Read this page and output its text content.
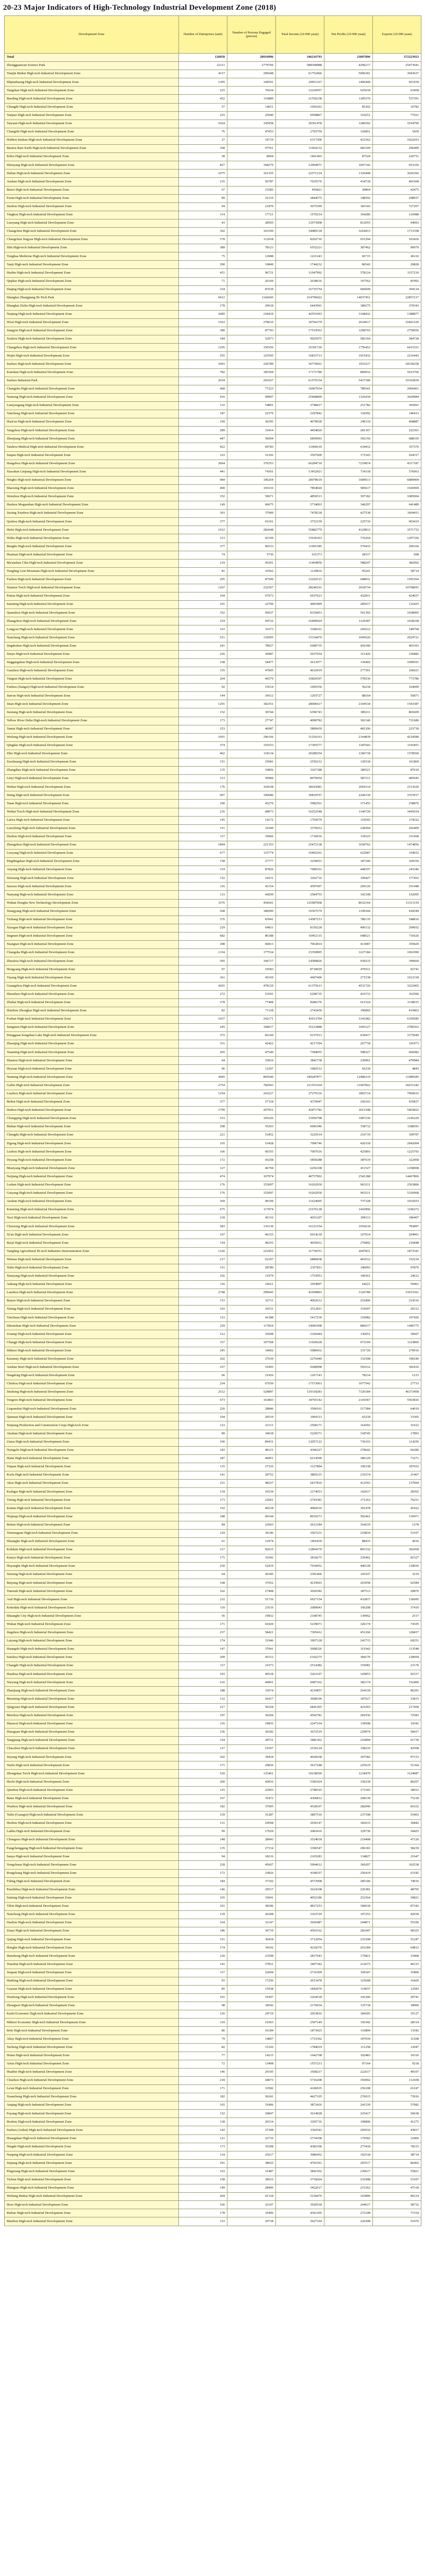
20-23 Major Indicators of High-Technology Industrial Development Zone (2018)
Development Zone	Number of Enterprises (unit)	Number of Persons Engaged (person)	Total Income (10 000 yuan)	Net Profits (10 000 yuan)	Exports (10 000 yuan)
Total	126058	20910996	346216793	23897896	372223923
Zhongguancun Science Park	22111	2779766	588368988	4296217	25473641
Tianjin Binhai High-tech Industrial Development Zone	4317	296648	61752466	5006301	3943637
Shijiazhuang High-tech Industrial Development Zone	1395	149591	29051167	1406449	921939
Tangshan High-tech Industrial Development Zone	225	76634	12226957	625018	63458
Baoding High-tech Industrial Development Zone	452	116889	21556238	1185376	537391
Chengde High-tech Industrial Development Zone	57	14031	1056363	85302	16782
Yanjiao High-tech Industrial Development Zone	225	25040	6958867	310251	77021
Taiyuan High-tech Industrial Development Zone	1024	145958	20361478	1286502	1034790
Changzhi High-tech Industrial Development Zone	76	47053	2793759	126851	5439
Hohhot Jinshan High-tech Industrial Development Zone	27	19719	6317300	421562	1022653
Baotou Rare Earth High-tech Industrial Development Zone	358	97561	11964132	683109	296499
Erdos High-tech Industrial Development Zone	38	8964	1461465	87524	220751
Shenyang High-tech Industrial Development Zone	827	168270	12904971	1067142	953326
Dalian High-tech Industrial Development Zone	1075	161355	22571214	1326408	3026392
Anshan High-tech Industrial Development Zone	235	56787	7035576	434718	401668
Benxi High-tech Industrial Development Zone	67	15585	456821	30864	42475
Fuxin High-tech Industrial Development Zone	89	22119	2844575	148502	298937
Jinzhou High-tech Industrial Development Zone	94	21870	3075399	181543	727207
Yingkou High-tech Industrial Development Zone	114	17721	1570214	104286	116988
Liaoyang High-tech Industrial Development Zone	43	28505	12973008	812055	94993
Changchun High-tech Industrial Development Zone	302	163199	54489118	3264413	1713358
Changchun Jingyue High-tech Industrial Development Zone	578	112918	8202716	651294	103436
Jilin High-tech Industrial Development Zone	389	78123	6552221	387462	90979
Tonghua Medicine High-tech Industrial Development Zone	75	12088	1221243	66715	46116
Yanji High-tech Industrial Development Zone	290	19849	1744232	86542	29828
Harbin High-tech Industrial Development Zone	451	96721	11047992	578124	1157210
Qiqihar High-tech Industrial Development Zone	71	26160	2638616	107562	81992
Daqing High-tech Industrial Development Zone	334	87639	16735754	684509	304134
Shanghai Zhangjiang Hi-Tech Park	6012	1142645	214790422	14037451	22857217
Shanghai Zizhu High-tech Industrial Development Zone	178	29618	6443961	389275	379343
Nanjing High-tech Industrial Development Zone	2685	218419	42551093	3168432	1388877
Wuxi High-tech Industrial Development Zone	1563	278610	39766379	2634617	16461529
Jiangyin High-tech Industrial Development Zone	380	87793	17519563	1268703	2750056
Xuzhou High-tech Industrial Development Zone	184	52973	9925975	582164	384728
Changzhou High-tech Industrial Development Zone	1295	150356	25361720	1756453	6415331
Wujin High-tech Industrial Development Zone	555	125505	16815713	1015432	2216443
Suzhou High-tech Industrial Development Zone	1093	226789	36776061	1933217	18336258
Kunshan High-tech Industrial Development Zone	782	185304	17171780	860932	5633766
Suzhou Industrial Park	2634	291027	61570154	5437186	19102839
Changshu High-tech Industrial Development Zone	468	77223	16067034	789341	2066461
Nantong High-tech Industrial Development Zone	416	99997	25468899	1326418	3029984
Lianyungang High-tech Industrial Development Zone	132	54891	3748417	251782	365061
Yancheng High-tech Industrial Development Zone	187	22379	2297842	118392	146413
Huai'an High-tech Industrial Development Zone	169	36395	4078928	240119	468887
Yangzhou High-tech Industrial Development Zone	289	33414	4454020	281367	222361
Zhenjiang High-tech Industrial Development Zone	447	56094	6859993	392156	688359
Taizhou Medical High-tech Industrial Development Zone	422	69783	11006610	634412	357376
Suqian High-tech Industrial Development Zone	163	31292	3507600	171543	264317
Hangzhou High-tech Industrial Development Zone	2064	376353	66284710	7219874	4317187
Xiaoshan Linjiang High-tech Industrial Development Zone	441	74361	13452921	734118	576063
Ningbo High-tech Industrial Development Zone	984	106264	20078619	1684513	6089404
Shaoxing High-tech Industrial Development Zone	400	101616	7854020	585617	1926969
Wenzhou High-tech Industrial Development Zone	352	59671	4850513	307182	1085904
Huzhou Moganshan High-tech Industrial Development Zone	149	60675	5734003	346297	641489
Jiaxing Xiuzhou High-tech Industrial Development Zone	303	37900	7478218	427538	1604411
Quzhou High-tech Industrial Development Zone	377	65101	3752159	225710	903419
Hefei High-tech Industrial Development Zone	1012	282648	55882779	4129812	3571752
Wuhu High-tech Industrial Development Zone	313	92109	15036363	735264	1297356
Bengbu High-tech Industrial Development Zone	377	96533	11901585	579433	200166
Huainan High-tech Industrial Development Zone	74	5736	631373	28317	608
Ma'anshan Cihu High-tech Industrial Development Zone	219	45291	11404850	588247	382002
Tongling Lion Mountain High-tech Industrial Development Zone	81	16562	1129816	95241	58714
Fuzhou High-tech Industrial Development Zone	295	87500	12202515	648931	1591564
Xiamen Torch High-tech Industrial Development Zone	1267	232367	28240161	2018734	10768691
Putian High-tech Industrial Development Zone	104	67973	6037623	432811	424037
Sanming High-tech Industrial Development Zone	101	22700	4465499	285017	132425
Quanzhou High-tech Industrial Development Zone	352	95037	8159453	561392	1038905
Zhangzhou High-tech Industrial Development Zone	254	94722	16499924	1129387	1638328
Longyan High-tech Industrial Development Zone	163	31673	3368161	245612	149768
Nanchang High-tech Industrial Development Zone	521	135095	15318479	1045620	2024721
Jingdezhen High-tech Industrial Development Zone	241	78027	6680735	456180	465393
Xinyu High-tech Industrial Development Zone	226	36987	5037654	311429	336882
Jinggangshan High-tech Industrial Development Zone	168	18477	2613977	136402	1099591
Ganzhou High-tech Industrial Development Zone	155	47005	4632919	277391	166021
Yingtan High-tech Industrial Development Zone	204	46579	10826597	578336	773786
Fuzhou (Jiangxi) High-tech Industrial Development Zone	92	15614	1005556	56218	164609
Jian'an High-tech Industrial Development Zone	144	16612	1293727	88164	56871
Jinan High-tech Industrial Development Zone	1291	182351	28006617	2104518	1543387
Jiaxiang High-tech Industrial Development Zone	152	30744	6396743	389211	865609
Yellow River Delta High-tech Industrial Development Zone	173	27747	4090782	302146	721686
Yantai High-tech Industrial Development Zone	253	46087	5800439	481206	223718
Weifang High-tech Industrial Development Zone	1091	296166	31256163	2164839	4234580
Qingdao High-tech Industrial Development Zone	374	155553	17305577	1187643	1191851
Zibo High-tech Industrial Development Zone	462	118134	20289254	1366718	1578560
Zaozhuang High-tech Industrial Development Zone	151	25081	2556212	129318	161869
Zhangdian High-tech Industrial Development Zone	135	19856	3267188	186521	87019
Linyi High-tech Industrial Development Zone	313	50984	8970054	587211	685045
Weihai High-tech Industrial Development Zone	176	102638	38293081	2604114	2313620
Jining High-tech Industrial Development Zone	607	196686	30810557	2246318	3353917
Taian High-tech Industrial Development Zone	190	45270	5982561	371455	258876
Weihai Torch High-tech Industrial Development Zone	216	68073	16252548	1146720	3445634
Laiwu High-tech Industrial Development Zone	145	14172	1765670	110543	174522
Liaocheng High-tech Industrial Development Zone	151	31649	3376012	228304	202409
Dezhou High-tech Industrial Development Zone	117	19966	1710016	118325	211668
Zhengzhou High-tech Industrial Development Zone	1894	221353	25472138	1630762	1474856
Luoyang High-tech Industrial Development Zone	677	115774	10402261	622087	334652
Pingdingshan High-tech Industrial Development Zone	158	27777	3250051	187340	169356
Anyang High-tech Industrial Development Zone	319	87826	7680161	448197	243346
Xinxiang High-tech Industrial Development Zone	152	24331	3202716	190427	177452
Jiaozuo High-tech Industrial Development Zone	116	43154	4597697	269126	251448
Nanyang High-tech Industrial Development Zone	133	44299	2584755	142108	152095
Wuhan Donghu New Technology Development Zone	3376	456641	125987068	8632164	11313119
Xiangyang High-tech Industrial Development Zone	568	186090	19367579	1109344	418349
Yichang High-tech Industrial Development Zone	376	83941	14587213	786135	548816
Xiaogan High-tech Industrial Development Zone	229	64811	8156228	406132	209052
Jingmen High-tech Industrial Development Zone	682	86188	10452115	648521	716626
Xiangtan High-tech Industrial Development Zone	308	66813	7063814	413087	359429
Changsha High-tech Industrial Development Zone	1334	177534	15350895	1227184	1061090
Zhuzhou High-tech Industrial Development Zone	505	106717	14589826	939215	399669
Hengyang High-tech Industrial Development Zone	97	19583	8718029	470511	92741
Yiyang High-tech Industrial Development Zone	361	45169	4407406	271538	1012318
Guangzhou High-tech Industrial Development Zone	4201	478129	61375613	4531726	3222465
Shenzhen High-tech Industrial Development Zone	272	53591	6290735	416733	162506
Zhuhai High-tech Industrial Development Zone	378	77408	8286376	611524	1138015
Huizhou Zhongkai High-tech Industrial Development Zone	82	71118	2743430	196802	419463
Foshan High-tech Industrial Development Zone	1037	242171	43913704	3141982	6359585
Jiangmen High-tech Industrial Development Zone	245	168617	25212888	1605127	2789363
Dongguan Songshan Lake High-tech Industrial Development Zone	372	82160	9157013	639417	3175049
Zhaoqing High-tech Industrial Development Zone	331	42422	4217394	267718	101973
Yuanning High-tech Industrial Development Zone	265	47540	7384055	508327	666082
Shantou High-tech Industrial Development Zone	64	25819	3841738	230961	470984
Heyuan High-tech Industrial Development Zone	96	12207	1082512	65218	4843
Nanning High-tech Industrial Development Zone	4445	805640	189287877	12486219	11089585
Guilin High-tech Industrial Development Zone	2754	782943	211553164	11607822	18251242
Liuzhou High-tech Industrial Development Zone	1254	243227	27279116	1893714	7969633
Beihai High-tech Industrial Development Zone	377	57118	4379947	256103	435837
Haikou High-tech Industrial Development Zone	1799	207951	42871782	2611548	5465822
Chongqing High-tech Industrial Development Zone	533	105226	15956798	1087236	2145229
Bishan High-tech Industrial Development Zone	298	55203	6081946	358732	1188591
Chengdu High-tech Industrial Development Zone	221	53452	3225614	216719	109707
Zigong High-tech Industrial Development Zone	165	53428	7006746	426318	2042004
Luzhou High-tech Industrial Development Zone	166	60355	7007616	425893	1225793
Deyang High-tech Industrial Development Zone	172	43258	5850288	387619	322458
Mianyang High-tech Industrial Development Zone	127	46794	6256108	411527	1258008
Neijiang High-tech Industrial Development Zone	474	107974	40757902	2541288	14467866
Leshan High-tech Industrial Development Zone	176	153097	16262930	963211	2563806
Guiyang High-tech Industrial Development Zone	176	152097	16262930	963211	5326968
Anshun High-tech Industrial Development Zone	369	90109	11624005	737328	1032653
Kunming High-tech Industrial Development Zone	675	117974	21676128	1443906	1106272
Yuxi High-tech Industrial Development Zone	218	45316	4651207	308113	186407
Chuxiong High-tech Industrial Development Zone	583	135130	16121254	1054218	783897
Xi'an High-tech Industrial Development Zone	107	46155	6014218	327014	204961
Baoji High-tech Industrial Development Zone	154	40255	4659412	276842	216848
Yangling Agricultural Hi-tech Industries Demonstration Zone	1226	223452	31736551	2047831	1873341
Weinan High-tech Industrial Development Zone	217	62107	6886838	403512	152234
Yulin High-tech Industrial Development Zone	151	28780	2357811	146093	97876
Xianyang High-tech Industrial Development Zone	102	11979	1753953	100361	24612
Ankang High-tech Industrial Development Zone	116	10621	1054907	64221	59461
Lanzhou High-tech Industrial Development Zone	2748	299645	43509803	3126780	15015361
Baiyin High-tech Industrial Development Zone	153	32711	4062612	251806	214316
Xining High-tech Industrial Development Zone	103	16531	2512811	154307	20212
Yinchuan High-tech Industrial Development Zone	123	41288	5417236	316082	107426
Shizuishan High-tech Industrial Development Zone	229	117834	14681908	884317	1496775
Urumqi High-tech Industrial Development Zone	212	16608	2166444	136051	39607
Changji High-tech Industrial Development Zone	337	107568	11026628	672104	1123806
Shihezi High-tech Industrial Development Zone	245	34602	5080432	331726	270016
Karamay High-tech Industrial Development Zone	202	27630	2276440	152308	190240
Anshan Steel High-tech Industrial Development Zone	257	51005	9280098	591612	381816
Ningdong High-tech Industrial Development Zone	66	21926	1267143	78214	1215
Chizhou High-tech Industrial Development Zone	234	67030	17573063	1077542	27733
Jinzhong High-tech Industrial Development Zone	2512	529897	119318283	7326184	46373458
Tongren High-tech Industrial Development Zone	673	163803	34765142	2141067	5563816
Liupanshui High-tech Industrial Development Zone	226	28846	3500161	217384	64019
Qiannan High-tech Industrial Development Zone	104	20519	1004113	65218	33305
Xinjiang Production and Construction Corps High-tech Zone	123	22111	2568171	164302	31622
Alashan High-tech Industrial Development Zone	89	34618	5220371	318745	17893
Lhasa High-tech Industrial Development Zone	190	89431	12057122	736103	114256
Nyingchi High-tech Industrial Development Zone	183	40121	4366227	278642	66286
Hami High-tech Industrial Development Zone	187	46851	6214590	386129	73271
Turpan High-tech Industrial Development Zone	135	27316	3127804	196338	187652
Korla High-tech Industrial Development Zone	141	29752	3805215	231674	21467
Aksu High-tech Industrial Development Zone	231	48237	6417810	412593	137004
Kashgar High-tech Industrial Development Zone	134	16534	2174653	142617	28302
Yining High-tech Industrial Development Zone	173	22061	2743381	171263	76231
Kuitun High-tech Industrial Development Zone	152	40218	4982016	301478	41922
Wujiaqu High-tech Industrial Development Zone	188	60144	8019273	502461	139471
Beitun High-tech Industrial Development Zone	84	22603	2612184	164219	1278
Tiemenguan High-tech Industrial Development Zone	129	30146	3567231	219834	53107
Shuanghe High-tech Industrial Development Zone	61	12974	1401839	88415	4016
Kokdala High-tech Industrial Development Zone	317	92615	12804379	801532	392458
Kunyu High-tech Industrial Development Zone	175	31042	3818275	236491	81527
Huyanghe High-tech Industrial Development Zone	250	52419	7018452	440128	118036
Xinxing High-tech Industrial Development Zone	64	20185	2301466	141937	3219
Baiyang High-tech Industrial Development Zone	168	37652	4219603	263058	62584
Tumxuk High-tech Industrial Development Zone	162	27408	3026582	187513	29876
Aral High-tech Industrial Development Zone	232	51716	6927154	432817	136095
Kekedala High-tech Industrial Development Zone	110	23516	2689043	166208	37410
Shuanghe City High-tech Industrial Development Zone	56	19832	2108745	130962	2517
Wuhan High-tech Industrial Development Zone	171	41820	5239071	326174	74105
Jingzhou High-tech Industrial Development Zone	237	58421	7305412	451266	128437
Laiyang High-tech Industrial Development Zone	174	31946	3907128	243715	69251
Huangshi High-tech Industrial Development Zone	147	37041	5008326	311942	113548
Suizhou High-tech Industrial Development Zone	209	45312	6102275	384176	128604
Changde High-tech Industrial Development Zone	117	21673	2514382	155081	23176
Huaihua High-tech Industrial Development Zone	193	40518	5263197	329853	92317
Yueyang High-tech Industrial Development Zone	216	44901	6087162	382174	152406
Zhanjiang High-tech Industrial Development Zone	188	33674	4210857	264318	86291
Maoming High-tech Industrial Development Zone	132	26417	3008196	187627	33815
Qingyuan High-tech Industrial Development Zone	217	50328	6841205	421093	217458
Meizhou High-tech Industrial Development Zone	197	36294	4502781	281936	72583
Shanwei High-tech Industrial Development Zone	116	19835	2247164	139508	19342
Shaoguan High-tech Industrial Development Zone	156	30182	3672519	229074	58417
Yangjiang High-tech Industrial Development Zone	154	28731	3481362	216894	61730
Chaozhou High-tech Industrial Development Zone	127	21057	2536124	158216	42508
Jieyang High-tech Industrial Development Zone	202	39418	4926038	307582	97153
Yunfu High-tech Industrial Development Zone	171	29836	3617248	225619	51364
Zhongshan Torch High-tech Industrial Development Zone	520	135461	19238560	1218470	3124087
Hechi High-tech Industrial Development Zone	200	42816	5381024	336218	86207
Qinzhou High-tech Industrial Development Zone	125	22903	2748165	171543	38412
Baise High-tech Industrial Development Zone	167	35472	4306812	268139	75218
Wuzhou High-tech Industrial Development Zone	182	37605	4528107	282046	81632
Yulin (Guangxi) High-tech Industrial Development Zone	159	31287	3807516	237198	55403
Hezhou High-tech Industrial Development Zone	131	24508	2930147	182615	36842
Laibin High-tech Industrial Development Zone	99	17629	2083416	129736	18425
Chongzuo High-tech Industrial Development Zone	148	28943	3524018	219408	47126
Fangchenggang High-tech Industrial Development Zone	135	27314	3306547	206183	58239
Sanya High-tech Industrial Development Zone	94	18216	2165283	134827	21647
Yongchuan High-tech Industrial Development Zone	228	45607	5904612	369207	102538
Rongchang High-tech Industrial Development Zone	172	33826	4108357	256419	63182
Fuling High-tech Industrial Development Zone	184	37102	4572908	285106	74016
Panzhihua High-tech Industrial Development Zone	146	29517	3624108	226381	48705
Suining High-tech Industrial Development Zone	165	33041	4052186	252364	59821
Yibin High-tech Industrial Development Zone	191	38306	4817253	300618	87342
Nanchong High-tech Industrial Development Zone	139	26208	3163729	197253	42918
Dazhou High-tech Industrial Development Zone	164	32147	3926487	244871	55106
Zunyi High-tech Industrial Development Zone	186	36719	4503162	281047	68325
Qujing High-tech Industrial Development Zone	151	30418	3712054	231508	51247
Honghe High-tech Industrial Development Zone	174	34102	4218376	263184	64812
Hanzhong High-tech Industrial Development Zone	120	23508	2817643	175821	33468
Tianshui High-tech Industrial Development Zone	141	27831	3407182	212673	46315
Jiuquan High-tech Industrial Development Zone	117	22604	2716309	169347	31806
Haidong High-tech Industrial Development Zone	93	17256	2013478	125608	16429
Guyuan High-tech Industrial Development Zone	85	15938	1842076	114937	12583
Wuzhong High-tech Industrial Development Zone	101	19307	2264518	141206	20741
Zhongwei High-tech Industrial Development Zone	98	18542	2176034	135718	18906
Kashi Economic High-tech Industrial Development Zone	126	24719	2953816	184305	35127
Shihezi Economic High-tech Industrial Development Zone	110	21063	2507149	156342	28314
Bole High-tech Industrial Development Zone	86	16184	1873025	116894	13542
Altay High-tech Industrial Development Zone	79	14807	1715362	107034	11208
Tacheng High-tech Industrial Development Zone	82	15326	1784019	111258	12047
Hotan High-tech Industrial Development Zone	77	14215	1642708	102483	10316
Artux High-tech Industrial Development Zone	72	13408	1557213	97164	9218
Huaibei High-tech Industrial Development Zone	146	29105	3568217	222617	49107
Chuzhou High-tech Industrial Development Zone	218	44073	5716208	356902	112438
Lu'an High-tech Industrial Development Zone	171	33582	4106935	256108	61247
Xuancheng High-tech Industrial Development Zone	182	36241	4427105	276015	73916
Anqing High-tech Industrial Development Zone	165	31806	3872416	241539	57082
Fuyang High-tech Industrial Development Zone	152	29847	3614028	225417	50638
Bozhou High-tech Industrial Development Zone	138	26514	3205716	199806	41275
Suzhou (Anhui) High-tech Industrial Development Zone	142	27308	3302541	205916	43817
Huangshan High-tech Industrial Development Zone	121	22716	2734108	170582	32406
Ningde High-tech Industrial Development Zone	173	35208	4382106	273418	78215
Nanping High-tech Industrial Development Zone	134	25617	3086452	192518	38714
Jiujiang High-tech Industrial Development Zone	191	38025	4702361	293517	86402
Pingxiang High-tech Industrial Development Zone	163	31487	3841502	239617	55821
Yichun High-tech Industrial Development Zone	158	30615	3718264	231908	53107
Shangrao High-tech Industrial Development Zone	149	28406	3452017	215362	47318
Weifang Binhai High-tech Industrial Development Zone	204	41318	5218476	325806	96214
Heze High-tech Industrial Development Zone	166	32107	3920518	244617	58732
Rizhao High-tech Industrial Development Zone	178	35406	4361205	272108	71534
Binzhou High-tech Industrial Development Zone	153	29718	3627104	226308	51076
